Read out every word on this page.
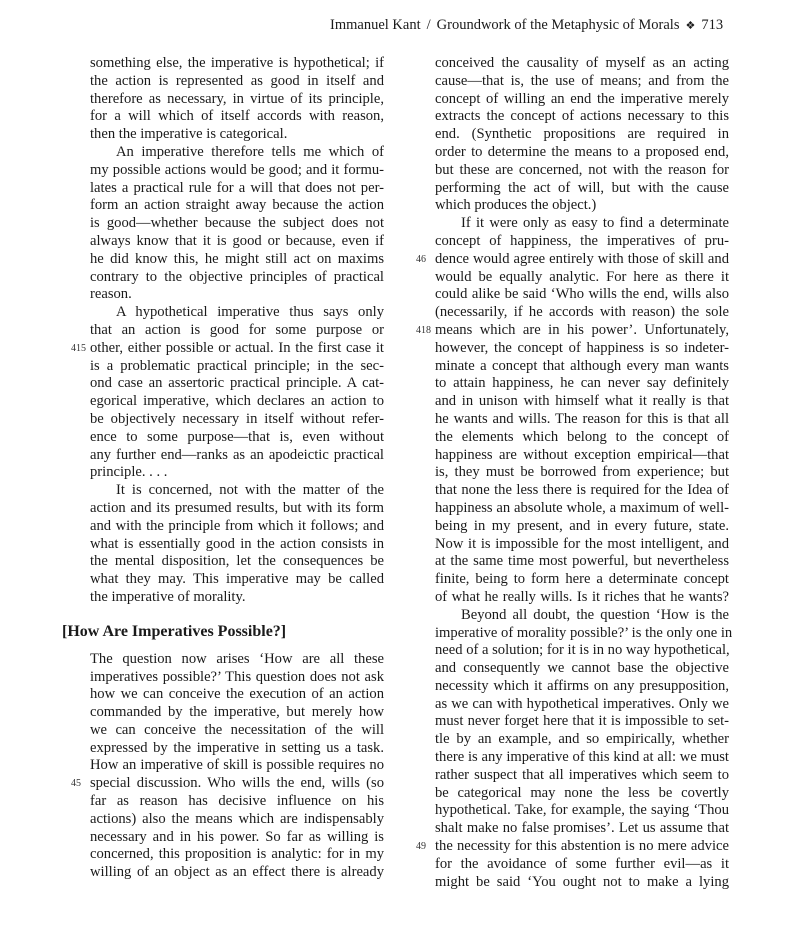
Immanuel Kant / Groundwork of the Metaphysic of Morals ❖ 713
something else, the imperative is hypothetical; if
the action is represented as good in itself and
therefore as necessary, in virtue of its principle,
for a will which of itself accords with reason,
then the imperative is categorical.
An imperative therefore tells me which of
my possible actions would be good; and it formu-
lates a practical rule for a will that does not per-
form an action straight away because the action
is good—whether because the subject does not
always know that it is good or because, even if
he did know this, he might still act on maxims
contrary to the objective principles of practical
reason.
A hypothetical imperative thus says only
that an action is good for some purpose or
other, either possible or actual. In the first case it
415
is a problematic practical principle; in the sec-
ond case an assertoric practical principle. A cat-
egorical imperative, which declares an action to
be objectively necessary in itself without refer-
ence to some purpose—that is, even without
any further end—ranks as an apodeictic practical
principle. . . .
It is concerned, not with the matter of the
action and its presumed results, but with its form
and with the principle from which it follows; and
what is essentially good in the action consists in
the mental disposition, let the consequences be
what they may. This imperative may be called
the imperative of morality.
[How Are Imperatives Possible?]
The question now arises ‘How are all these
imperatives possible?’ This question does not ask
how we can conceive the execution of an action
commanded by the imperative, but merely how
we can conceive the necessitation of the will
expressed by the imperative in setting us a task.
How an imperative of skill is possible requires no
special discussion. Who wills the end, wills (so
45
far as reason has decisive influence on his
actions) also the means which are indispensably
necessary and in his power. So far as willing is
concerned, this proposition is analytic: for in my
willing of an object as an effect there is already
conceived the causality of myself as an acting
cause—that is, the use of means; and from the
concept of willing an end the imperative merely
extracts the concept of actions necessary to this
end. (Synthetic propositions are required in
order to determine the means to a proposed end,
but these are concerned, not with the reason for
performing the act of will, but with the cause
which produces the object.)
If it were only as easy to find a determinate
concept of happiness, the imperatives of pru-
dence would agree entirely with those of skill and
46
would be equally analytic. For here as there it
could alike be said ‘Who wills the end, wills also
(necessarily, if he accords with reason) the sole
means which are in his power’. Unfortunately,
418
however, the concept of happiness is so indeter-
minate a concept that although every man wants
to attain happiness, he can never say definitely
and in unison with himself what it really is that
he wants and wills. The reason for this is that all
the elements which belong to the concept of
happiness are without exception empirical—that
is, they must be borrowed from experience; but
that none the less there is required for the Idea of
happiness an absolute whole, a maximum of well-
being in my present, and in every future, state.
Now it is impossible for the most intelligent, and
at the same time most powerful, but nevertheless
finite, being to form here a determinate concept
of what he really wills. Is it riches that he wants?
Beyond all doubt, the question ‘How is the
imperative of morality possible?’ is the only one in
need of a solution; for it is in no way hypothetical,
and consequently we cannot base the objective
necessity which it affirms on any presupposition,
as we can with hypothetical imperatives. Only we
must never forget here that it is impossible to set-
tle by an example, and so empirically, whether
there is any imperative of this kind at all: we must
rather suspect that all imperatives which seem to
be categorical may none the less be covertly
hypothetical. Take, for example, the saying ‘Thou
shalt make no false promises’. Let us assume that
the necessity for this abstention is no mere advice
49
for the avoidance of some further evil—as it
might be said ‘You ought not to make a lying
